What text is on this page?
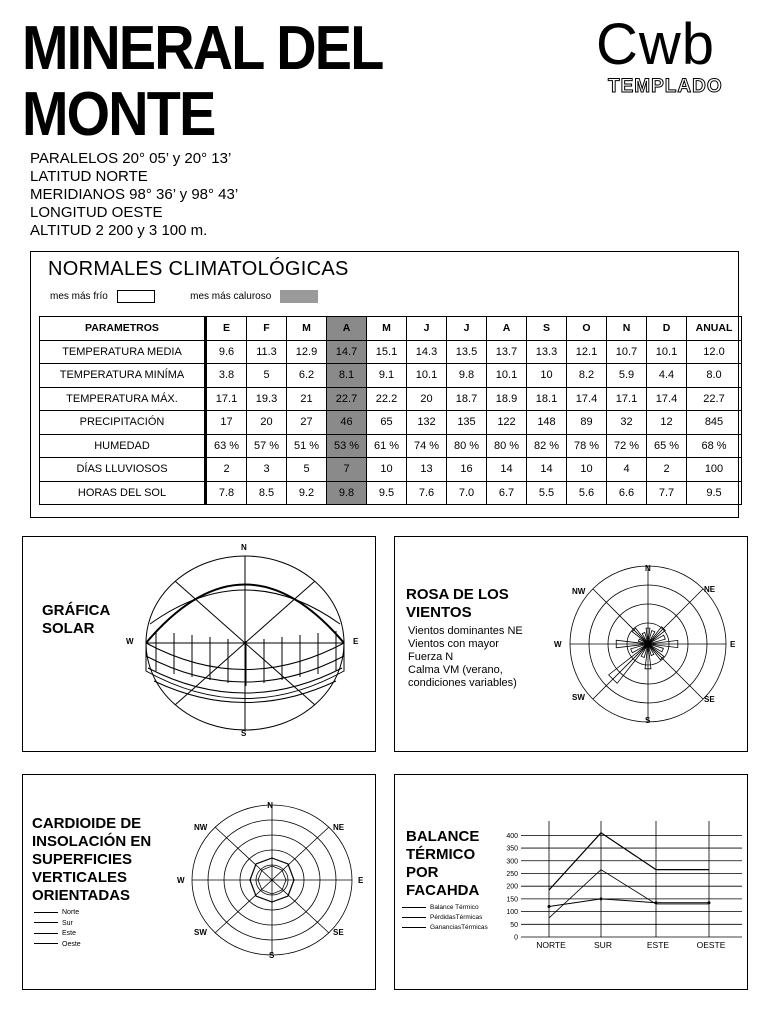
MINERAL DEL
MONTE
Cwb
TEMPLADO
PARALELOS 20° 05’ y 20° 13’
LATITUD NORTE
MERIDIANOS 98° 36’ y 98° 43’
LONGITUD OESTE
ALTITUD 2 200 y 3 100 m.
NORMALES CLIMATOLÓGICAS
mes más frío	mes más caluroso
PARAMETROS	E	F	M	A	M	J	J	A	S	O	N	D	ANUAL
TEMPERATURA MEDIA	9.6	11.3	12.9	14.7	15.1	14.3	13.5	13.7	13.3	12.1	10.7	10.1	12.0
TEMPERATURA MINÍMA	3.8	5	6.2	8.1	9.1	10.1	9.8	10.1	10	8.2	5.9	4.4	8.0
TEMPERATURA MÁX.	17.1	19.3	21	22.7	22.2	20	18.7	18.9	18.1	17.4	17.1	17.4	22.7
PRECIPITACIÓN	17	20	27	46	65	132	135	122	148	89	32	12	845
HUMEDAD	63 %	57 %	51 %	53 %	61 %	74 %	80 %	80 %	82 %	78 %	72 %	65 %	68 %
DÍAS LLUVIOSOS	2	3	5	7	10	13	16	14	14	10	4	2	100
HORAS DEL SOL	7.8	8.5	9.2	9.8	9.5	7.6	7.0	6.7	5.5	5.6	6.6	7.7	9.5
GRÁFICA
SOLAR
N
S
E
W
ROSA DE LOS
VIENTOS
Vientos dominantes NE
Vientos con mayor
Fuerza N
Calma VM (verano,
condiciones variables)
N
NE
E
SE
S
SW
W
NW
CARDIOIDE DE
INSOLACIÓN EN
SUPERFICIES
VERTICALES
ORIENTADAS
Norte
Sur
Este
Oeste
N
NE
E
SE
S
SW
W
NW
BALANCE
TÉRMICO
POR
FACAHDA
Balance Térmico
PérdidasTérmicas
GananciasTérmicas
0
50
100
150
200
250
300
350
400
NORTE	SUR	ESTE	OESTE
